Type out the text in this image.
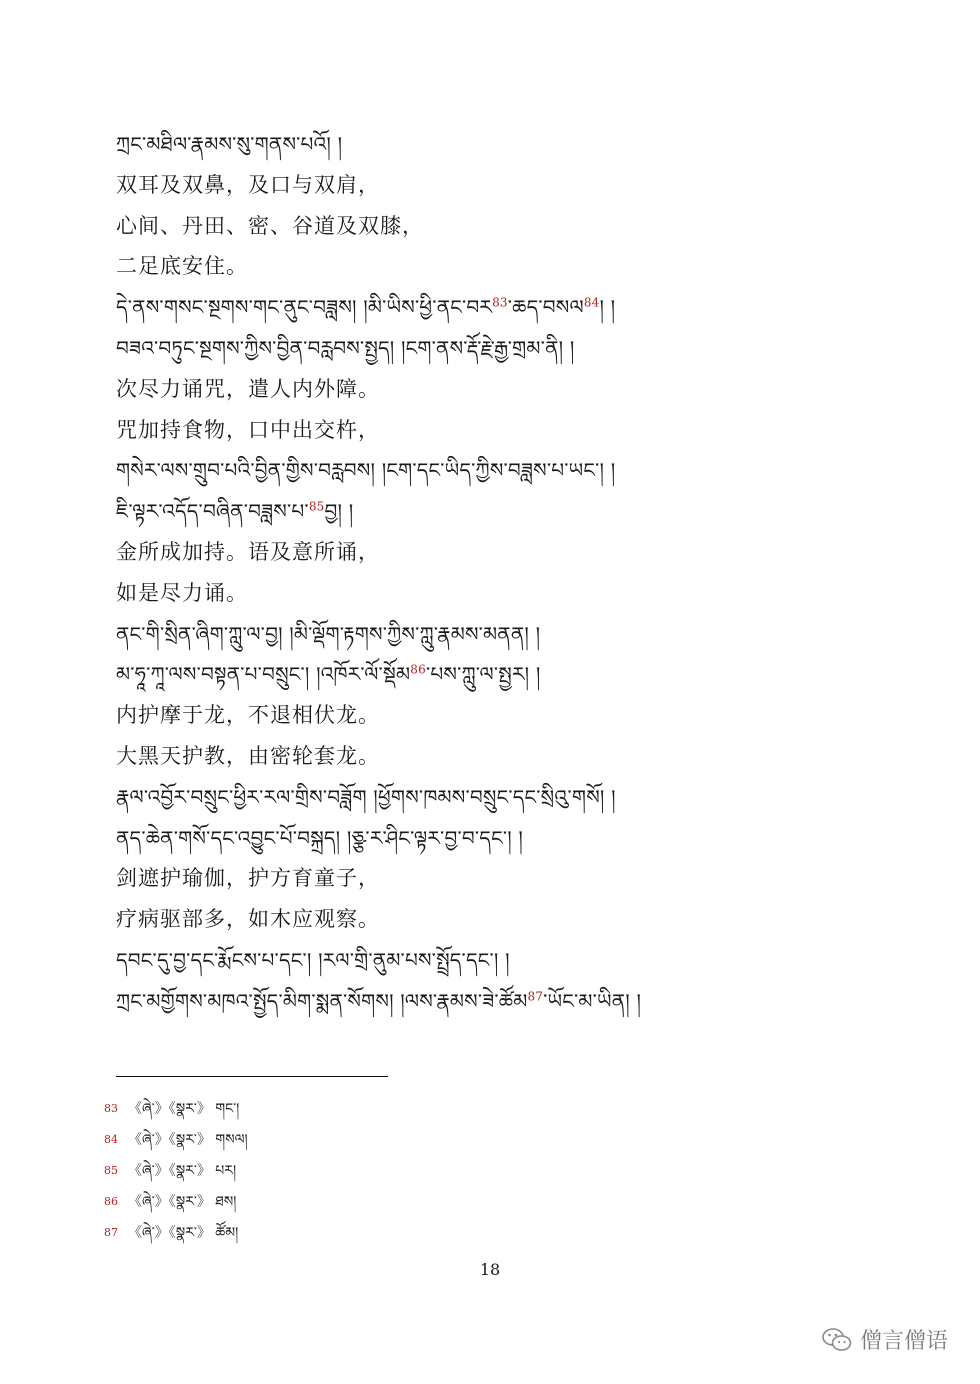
ཀྲང་མཐིལ་རྣམས་སུ་གནས་པའོ། །
双耳及双鼻，及口与双肩，
心间、丹田、密、谷道及双膝，
二足底安住。
དེ་ནས་གསང་སྔགས་གང་ནུང་བཟླས། །མི་ཡིས་ཕྱི་ནང་བར$^{83}$་ཆད་བསལ$^{84}$། །
བཟའ་བཏུང་སྔགས་ཀྱིས་བྱིན་བརླབས་སྤྱད། །ངག་ནས་རྡོ་རྗེ་རྒྱ་གྲམ་ནི། །
次尽力诵咒，遣人内外障。
咒加持食物，口中出交杵，
གསེར་ལས་གྲུབ་པའི་བྱིན་གྱིས་བརླབས། །ངག་དང་ཡིད་ཀྱིས་བཟླས་པ་ཡང་། །
ཇི་ལྟར་འདོད་བཞིན་བཟླས་པ་$^{85}$བྱ། །
金所成加持。语及意所诵，
如是尽力诵。
ནང་གི་སྲིན་ཞིག་ཀླུ་ལ་བྱ། །མི་ལྡོག་རྟགས་ཀྱིས་ཀླུ་རྣམས་མནན། །
མ་ཧཱ་ཀཱ་ལས་བསྟན་པ་བསྲུང་། །འཁོར་ལོ་སྡོམ$^{86}$་པས་ཀླུ་ལ་སྤྱར། །
内护摩于龙，不退相伏龙。
大黑天护教，由密轮套龙。
རྣལ་འབྱོར་བསྲུང་ཕྱིར་རལ་གྲིས་བཟློག །ཕྱོགས་ཁམས་བསྲུང་དང་སྲིའུ་གསོ། །
ནད་ཆེན་གསོ་དང་འབྱུང་པོ་བསྐྲད། །ཅྩ་ར་ཤིང་ལྟར་བྱ་བ་དང་། །
剑遮护瑜伽，护方育童子，
疗病驱部多，如木应观察。
དབང་དུ་བྱ་དང་རྨོངས་པ་དང་། །རལ་གྲི་ནུམ་པས་སྤྲོད་དང་། །
ཀྲང་མགྱོགས་མཁའ་སྤྱོད་མིག་སྨན་སོགས། །ལས་རྣམས་ཟེ་ཚོམ$^{87}$་ཡོང་མ་ཡིན། །
83 《ཞེ་》《སྣར་》 གང་།
84 《ཞེ་》《སྣར་》 གསལ།
85 《ཞེ་》《སྣར་》 པར།
86 《ཞེ་》《སྣར་》 ཐས།
87 《ཞེ་》《སྣར་》 ཚོམ།
18
僧言僧语
